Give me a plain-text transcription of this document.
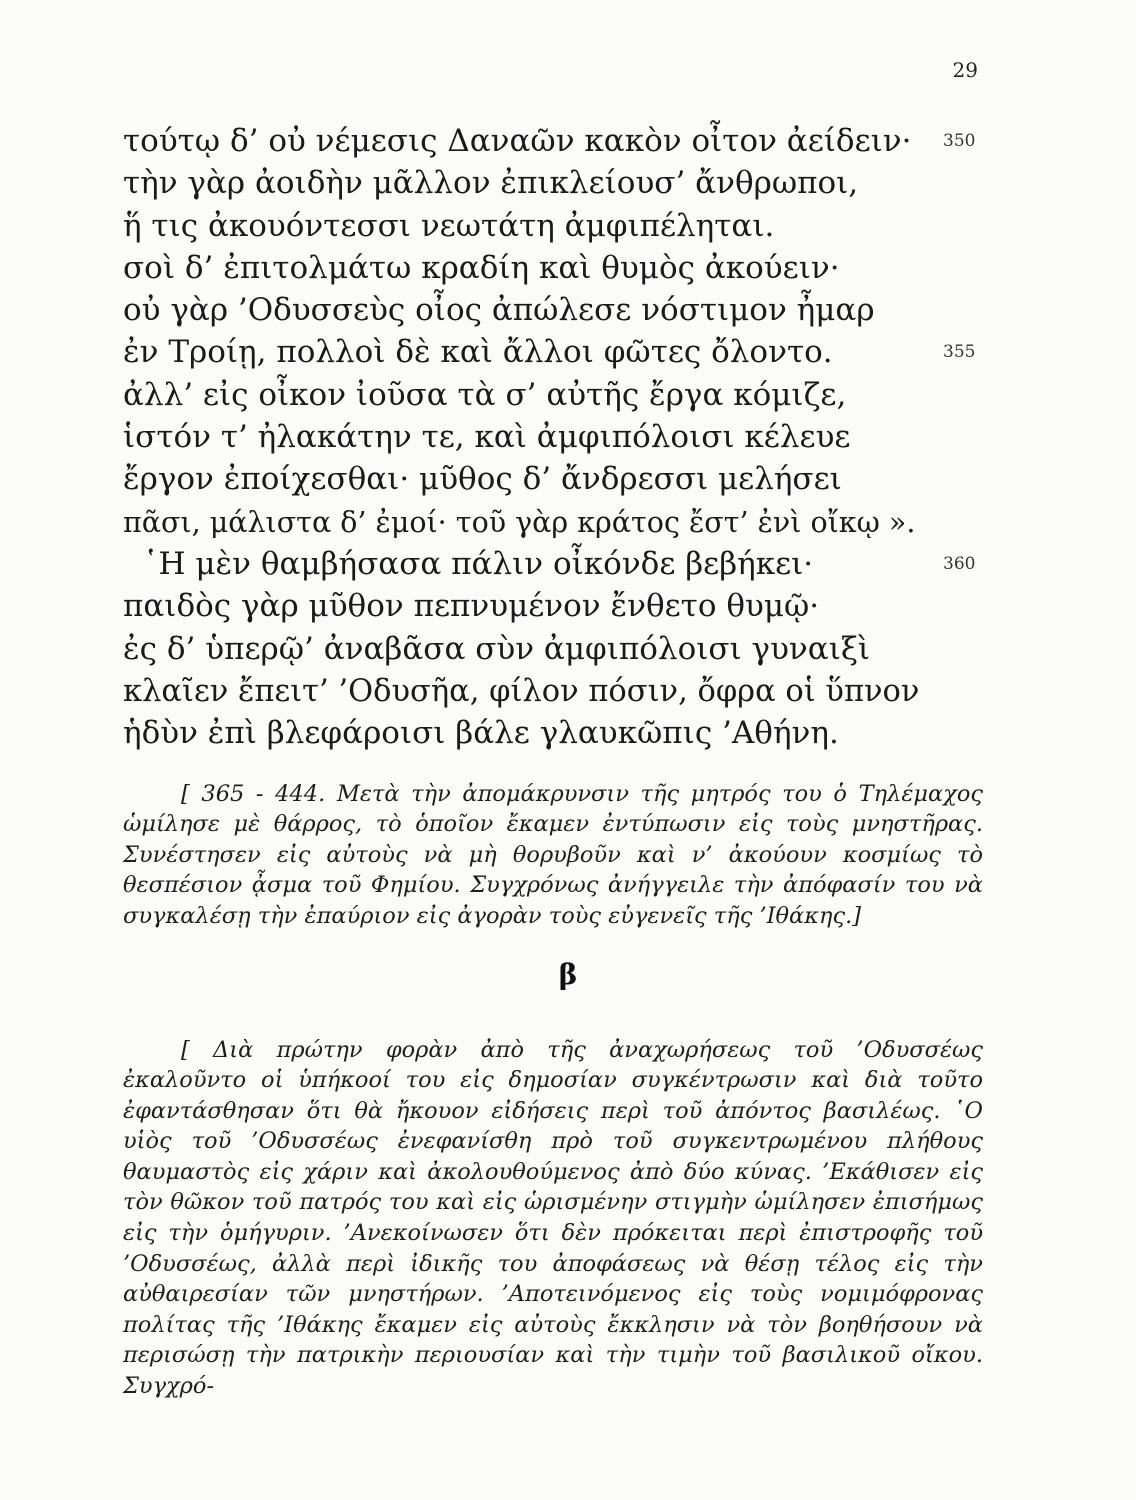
29
τούτῳ δ’ οὐ νέμεσις Δαναῶν κακὸν οἶτον ἀείδειν· 350
τὴν γὰρ ἀοιδὴν μᾶλλον ἐπικλείουσ’ ἄνθρωποι,
ἥ τις ἀκουόντεσσι νεωτάτη ἀμφιπέληται.
σοὶ δ’ ἐπιτολμάτω κραδίη καὶ θυμὸς ἀκούειν·
οὐ γὰρ ’Οδυσσεὺς οἶος ἀπώλεσε νόστιμον ἦμαρ
ἐν Τροίῃ, πολλοὶ δὲ καὶ ἄλλοι φῶτες ὄλοντο.	355
ἀλλ’ εἰς οἶκον ἰοῦσα τὰ σ’ αὐτῆς ἔργα κόμιζε,
ἱστόν τ’ ἠλακάτην τε, καὶ ἀμφιπόλοισι κέλευε
ἔργον ἐποίχεσθαι· μῦθος δ’ ἄνδρεσσι μελήσει
πᾶσι, μάλιστα δ’ ἐμοί· τοῦ γὰρ κράτος ἔστ’ ἐνὶ οἴκῳ ».
῾Η μὲν θαμβήσασα πάλιν οἶκόνδε βεβήκει·	360
παιδὸς γὰρ μῦθον πεπνυμένον ἔνθετο θυμῷ·
ἐς δ’ ὑπερῷ’ ἀναβᾶσα σὺν ἀμφιπόλοισι γυναιξὶ
κλαῖεν ἔπειτ’ ’Οδυσῆα, φίλον πόσιν, ὄφρα οἱ ὕπνον
ἡδὺν ἐπὶ βλεφάροισι βάλε γλαυκῶπις ’Αθήνη.

[ 365 - 444. Μετὰ τὴν ἀπομάκρυνσιν τῆς μητρός του ὁ Τηλέμαχος ὡμίλησε μὲ θάρρος, τὸ ὁποῖον ἔκαμεν ἐντύπωσιν εἰς τοὺς μνηστῆρας. Συνέστησεν εἰς αὐτοὺς νὰ μὴ θορυβοῦν καὶ ν’ ἀκούουν κοσμίως τὸ θεσπέσιον ᾆσμα τοῦ Φημίου. Συγχρόνως ἀνήγγειλε τὴν ἀπόφασίν του νὰ συγκαλέσῃ τὴν ἐπαύριον εἰς ἀγορὰν τοὺς εὐγενεῖς τῆς ’Ιθάκης.]

β

[ Διὰ πρώτην φορὰν ἀπὸ τῆς ἀναχωρήσεως τοῦ ’Οδυσσέως ἐκαλοῦντο οἱ ὑπήκοοί του εἰς δημοσίαν συγκέντρωσιν καὶ διὰ τοῦτο ἐφαντάσθησαν ὅτι θὰ ἤκουον εἰδήσεις περὶ τοῦ ἀπόντος βασιλέως. ῾Ο υἱὸς τοῦ ’Οδυσσέως ἐνεφανίσθη πρὸ τοῦ συγκεντρωμένου πλήθους θαυμαστὸς εἰς χάριν καὶ ἀκολουθούμενος ἀπὸ δύο κύνας. ’Εκάθισεν εἰς τὸν θῶκον τοῦ πατρός του καὶ εἰς ὡρισμένην στιγμὴν ὡμίλησεν ἐπισήμως εἰς τὴν ὁμήγυριν. ’Ανεκοίνωσεν ὅτι δὲν πρόκειται περὶ ἐπιστροφῆς τοῦ ’Οδυσσέως, ἀλλὰ περὶ ἰδικῆς του ἀποφάσεως νὰ θέσῃ τέλος εἰς τὴν αὐθαιρεσίαν τῶν μνηστήρων. ’Αποτεινόμενος εἰς τοὺς νομιμόφρονας πολίτας τῆς ’Ιθάκης ἔκαμεν εἰς αὐτοὺς ἔκκλησιν νὰ τὸν βοηθήσουν νὰ περισώσῃ τὴν πατρικὴν περιουσίαν καὶ τὴν τιμὴν τοῦ βασιλικοῦ οἴκου. Συγχρό-
